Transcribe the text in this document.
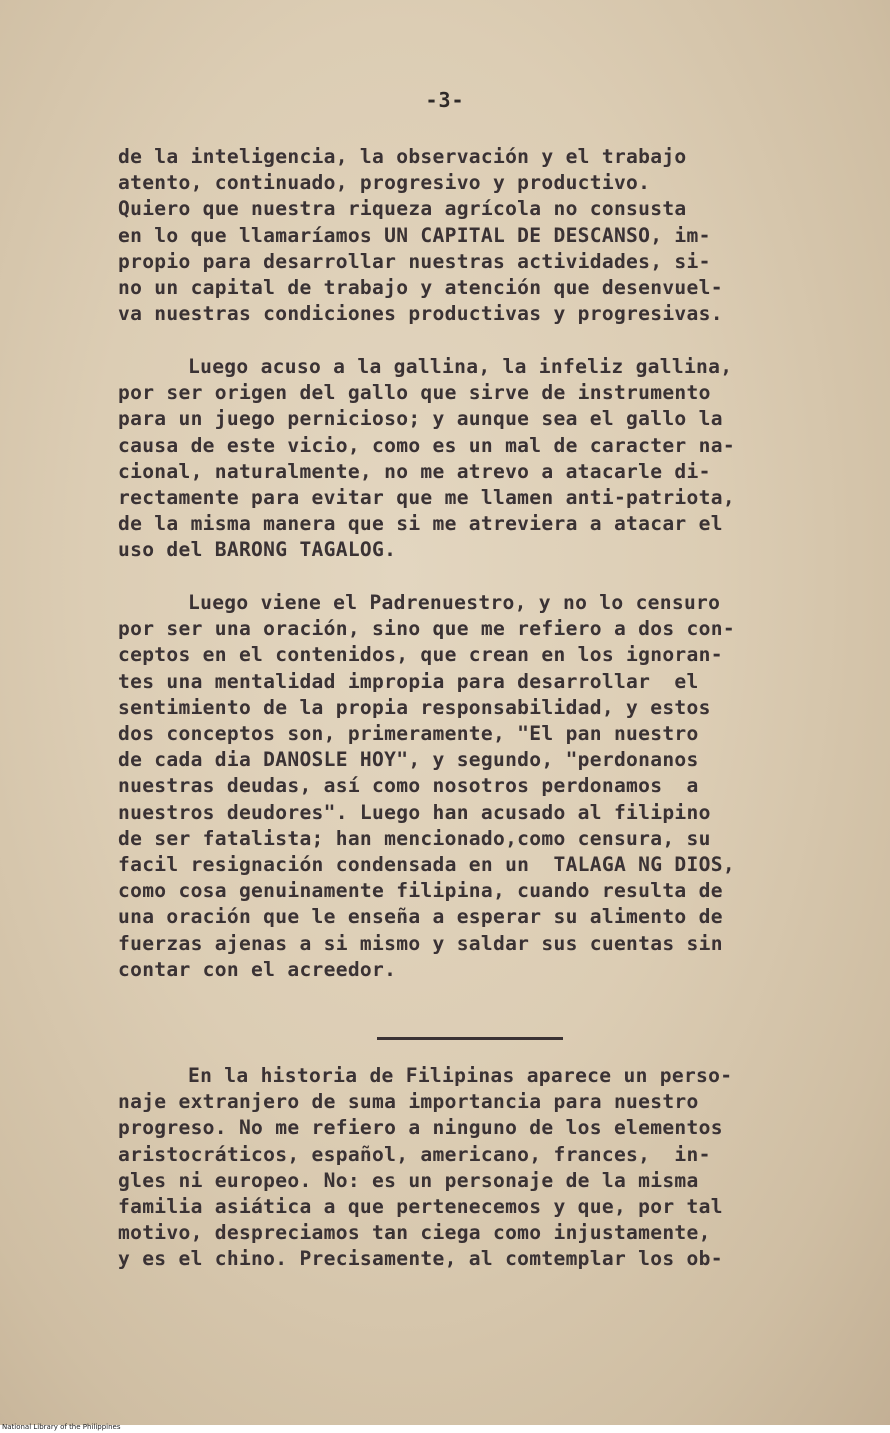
-3-
de la inteligencia, la observación y el trabajo
atento, continuado, progresivo y productivo.
Quiero que nuestra riqueza agrícola no consusta
en lo que llamaríamos UN CAPITAL DE DESCANSO, im-
propio para desarrollar nuestras actividades, si-
no un capital de trabajo y atención que desenvuel-
va nuestras condiciones productivas y progresivas.
Luego acuso a la gallina, la infeliz gallina,
por ser origen del gallo que sirve de instrumento
para un juego pernicioso; y aunque sea el gallo la
causa de este vicio, como es un mal de caracter na-
cional, naturalmente, no me atrevo a atacarle di-
rectamente para evitar que me llamen anti-patriota,
de la misma manera que si me atreviera a atacar el
uso del BARONG TAGALOG.
Luego viene el Padrenuestro, y no lo censuro
por ser una oración, sino que me refiero a dos con-
ceptos en el contenidos, que crean en los ignoran-
tes una mentalidad impropia para desarrollar  el
sentimiento de la propia responsabilidad, y estos
dos conceptos son, primeramente, "El pan nuestro
de cada dia DANOSLE HOY", y segundo, "perdonanos
nuestras deudas, así como nosotros perdonamos  a
nuestros deudores". Luego han acusado al filipino
de ser fatalista; han mencionado,como censura, su
facil resignación condensada en un  TALAGA NG DIOS,
como cosa genuinamente filipina, cuando resulta de
una oración que le enseña a esperar su alimento de
fuerzas ajenas a si mismo y saldar sus cuentas sin
contar con el acreedor.
En la historia de Filipinas aparece un perso-
naje extranjero de suma importancia para nuestro
progreso. No me refiero a ninguno de los elementos
aristocráticos, español, americano, frances,  in-
gles ni europeo. No: es un personaje de la misma
familia asiática a que pertenecemos y que, por tal
motivo, despreciamos tan ciega como injustamente,
y es el chino. Precisamente, al comtemplar los ob-
National Library of the Philippines
